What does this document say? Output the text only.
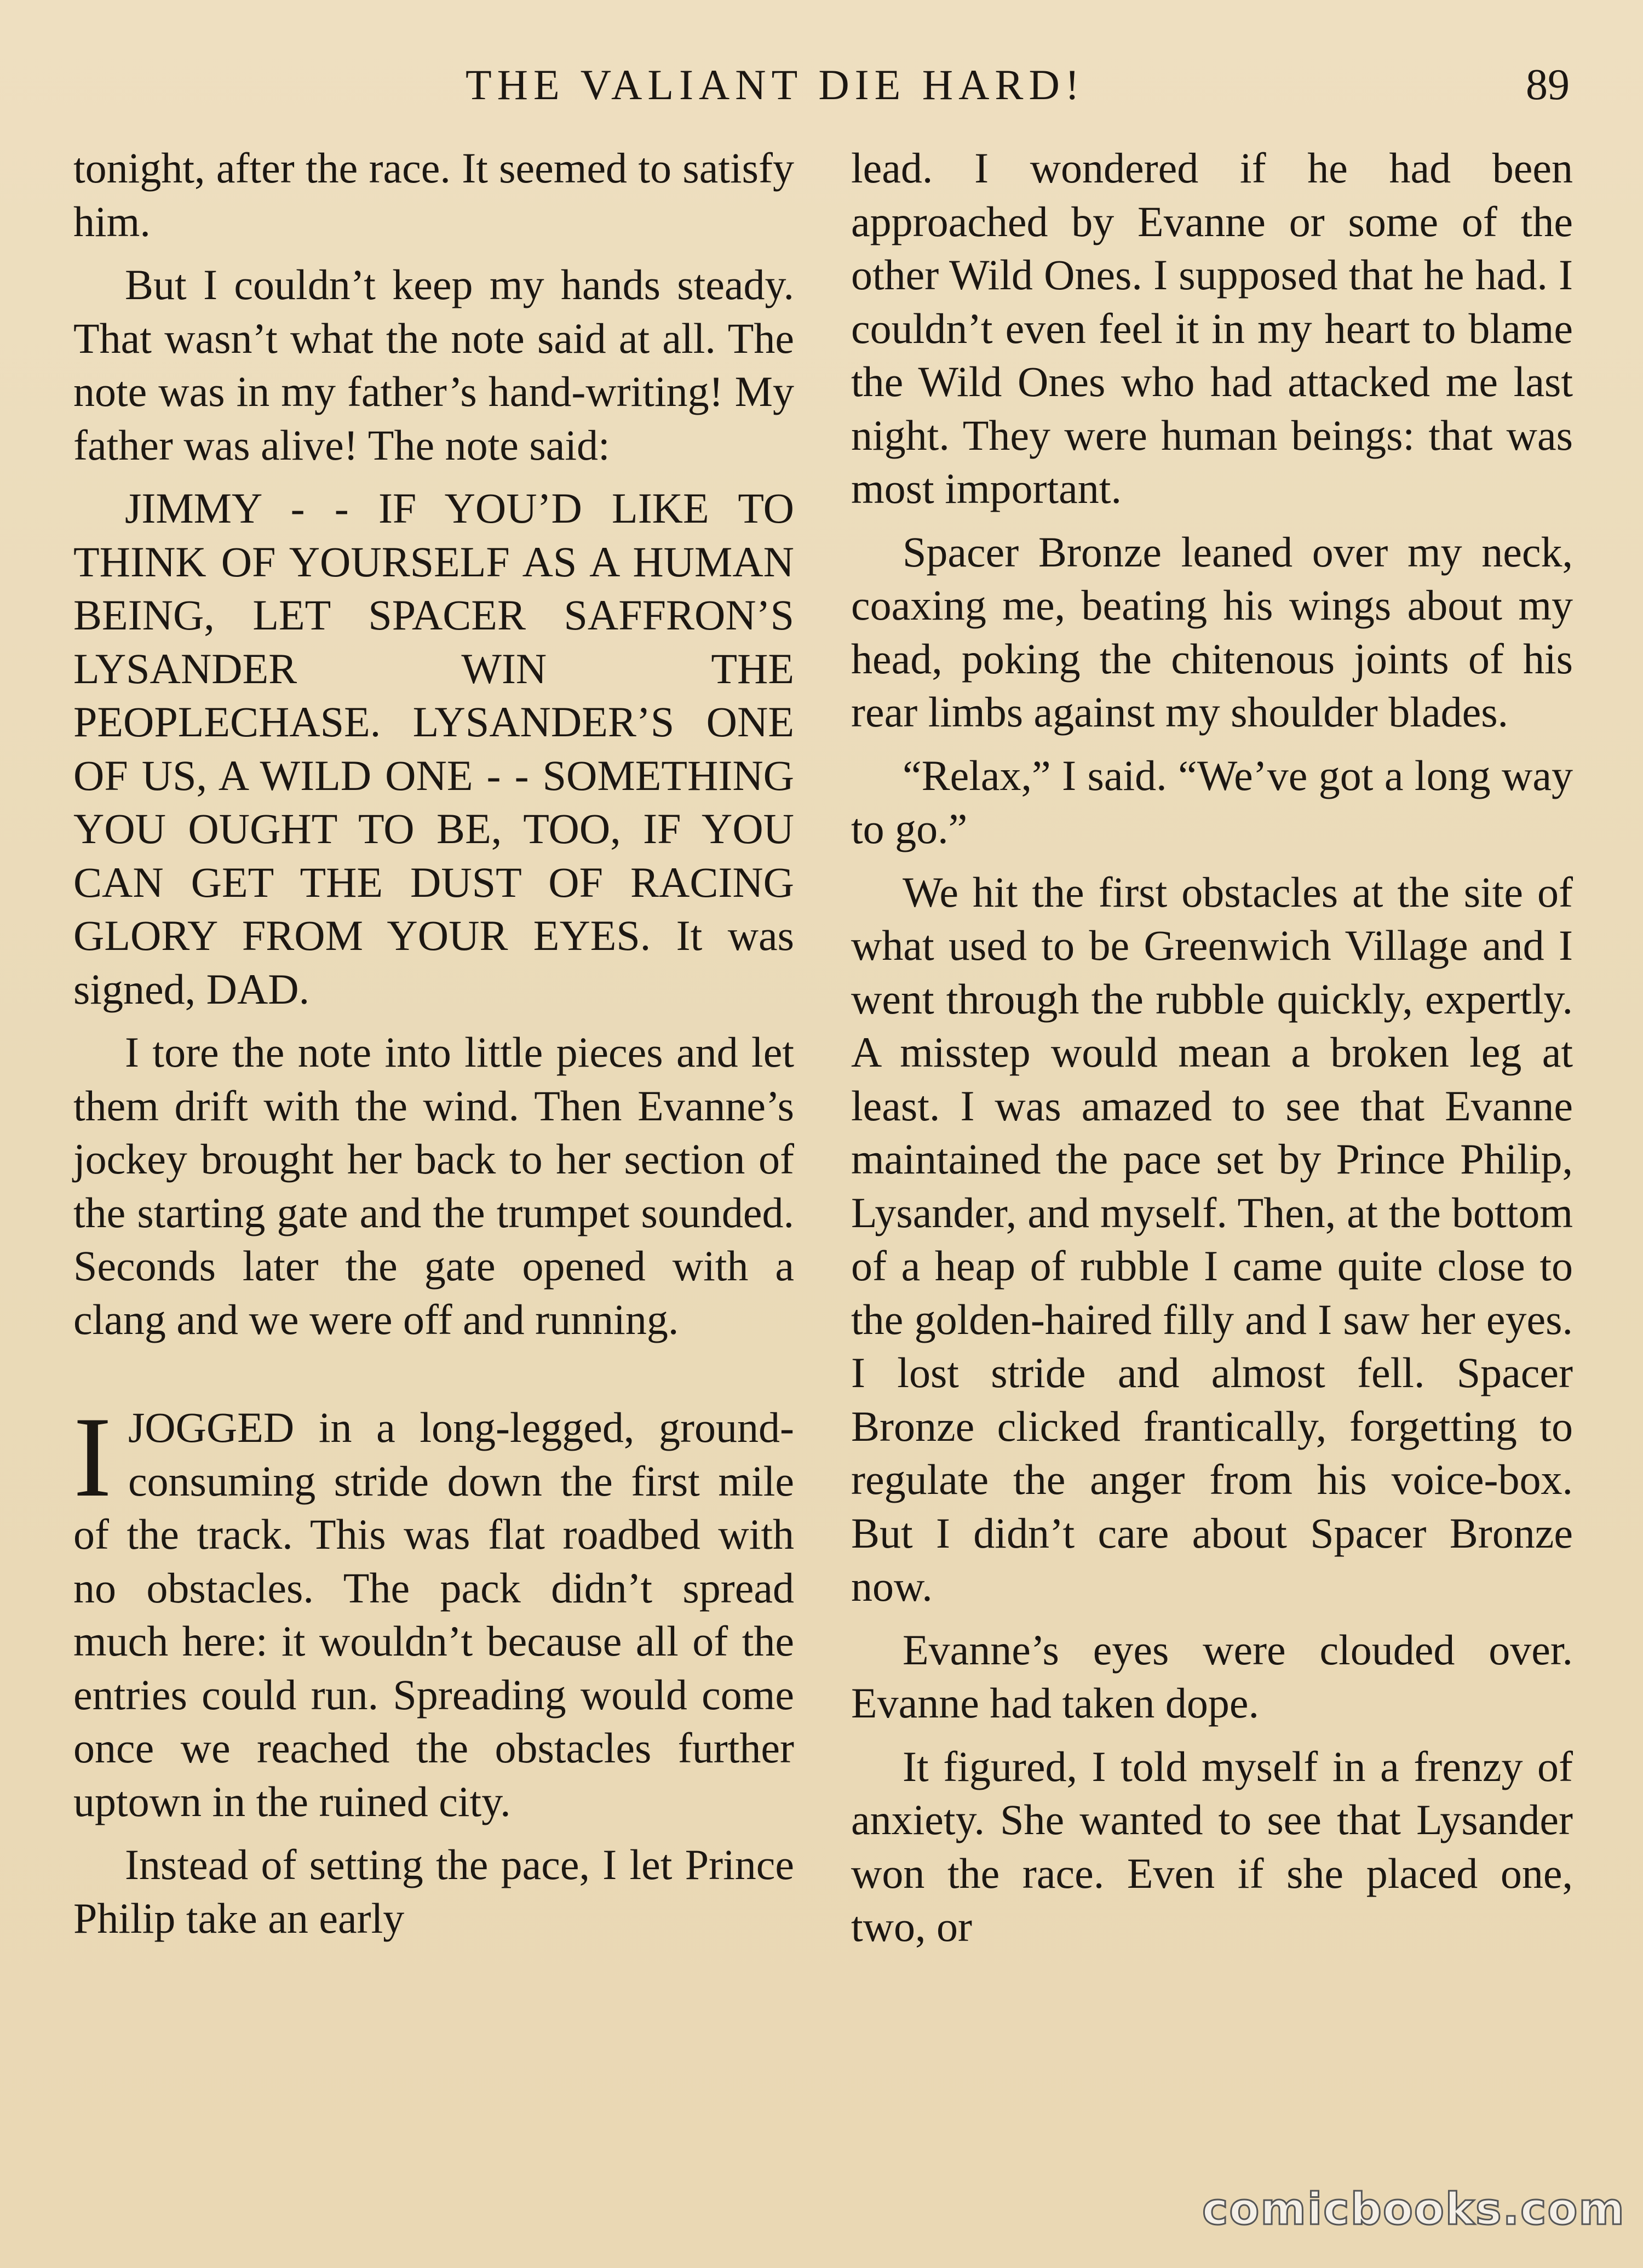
THE VALIANT DIE HARD!	89

tonight, after the race. It seemed to satisfy him.

But I couldn’t keep my hands steady. That wasn’t what the note said at all. The note was in my father’s hand-writing! My father was alive! The note said:

JIMMY - - IF YOU’D LIKE TO THINK OF YOURSELF AS A HUMAN BEING, LET SPACER SAFFRON’S LYSANDER WIN THE PEOPLECHASE. LYSANDER’S ONE OF US, A WILD ONE - - SOMETHING YOU OUGHT TO BE, TOO, IF YOU CAN GET THE DUST OF RACING GLORY FROM YOUR EYES. It was signed, DAD.

I tore the note into little pieces and let them drift with the wind. Then Evanne’s jockey brought her back to her section of the starting gate and the trumpet sounded. Seconds later the gate opened with a clang and we were off and running.

IJOGGED in a long-legged, ground-consuming stride down the first mile of the track. This was flat roadbed with no obstacles. The pack didn’t spread much here: it wouldn’t because all of the entries could run. Spreading would come once we reached the obstacles further uptown in the ruined city.

Instead of setting the pace, I let Prince Philip take an early

lead. I wondered if he had been approached by Evanne or some of the other Wild Ones. I supposed that he had. I couldn’t even feel it in my heart to blame the Wild Ones who had attacked me last night. They were human beings: that was most important.

Spacer Bronze leaned over my neck, coaxing me, beating his wings about my head, poking the chitenous joints of his rear limbs against my shoulder blades.

“Relax,” I said. “We’ve got a long way to go.”

We hit the first obstacles at the site of what used to be Greenwich Village and I went through the rubble quickly, expertly. A misstep would mean a broken leg at least. I was amazed to see that Evanne maintained the pace set by Prince Philip, Lysander, and myself. Then, at the bottom of a heap of rubble I came quite close to the golden-haired filly and I saw her eyes. I lost stride and almost fell. Spacer Bronze clicked frantically, forgetting to regulate the anger from his voice-box. But I didn’t care about Spacer Bronze now.

Evanne’s eyes were clouded over. Evanne had taken dope.

It figured, I told myself in a frenzy of anxiety. She wanted to see that Lysander won the race. Even if she placed one, two, or

comicbooks.com
